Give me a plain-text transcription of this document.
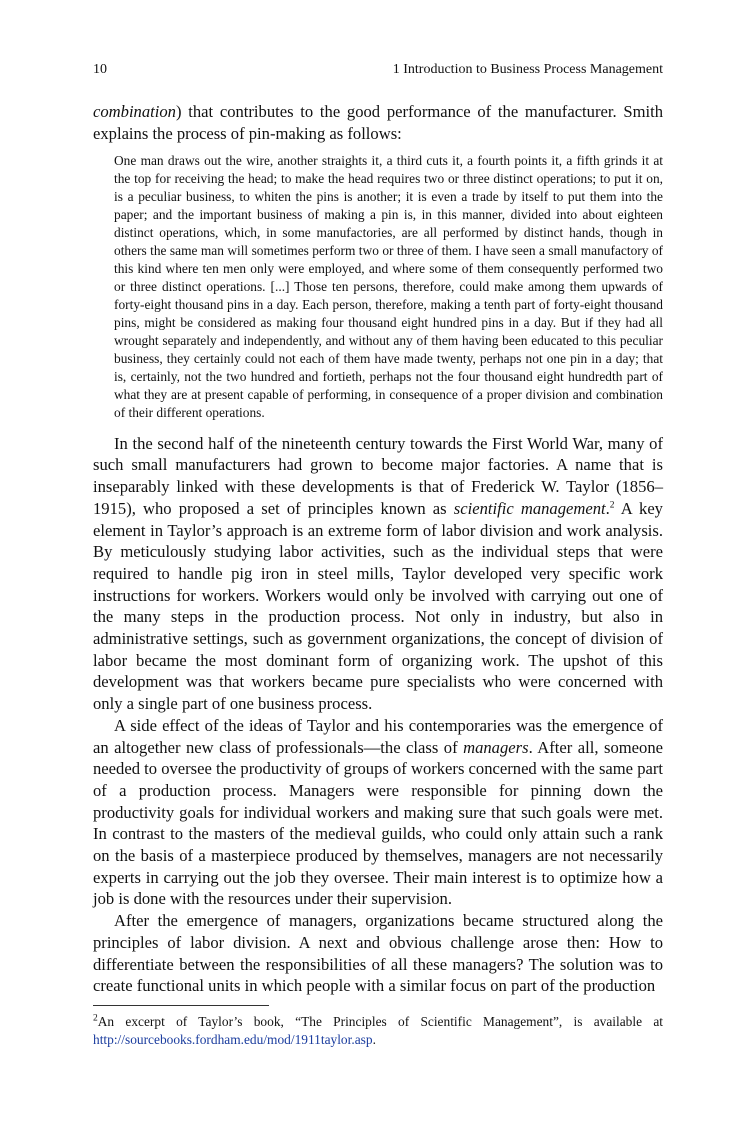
10	1 Introduction to Business Process Management

combination) that contributes to the good performance of the manufacturer. Smith explains the process of pin-making as follows:

One man draws out the wire, another straights it, a third cuts it, a fourth points it, a fifth grinds it at the top for receiving the head; to make the head requires two or three distinct operations; to put it on, is a peculiar business, to whiten the pins is another; it is even a trade by itself to put them into the paper; and the important business of making a pin is, in this manner, divided into about eighteen distinct operations, which, in some manufactories, are all performed by distinct hands, though in others the same man will sometimes perform two or three of them. I have seen a small manufactory of this kind where ten men only were employed, and where some of them consequently performed two or three distinct operations. [...] Those ten persons, therefore, could make among them upwards of forty-eight thousand pins in a day. Each person, therefore, making a tenth part of forty-eight thousand pins, might be considered as making four thousand eight hundred pins in a day. But if they had all wrought separately and independently, and without any of them having been educated to this peculiar business, they certainly could not each of them have made twenty, perhaps not one pin in a day; that is, certainly, not the two hundred and fortieth, perhaps not the four thousand eight hundredth part of what they are at present capable of performing, in consequence of a proper division and combination of their different operations.

In the second half of the nineteenth century towards the First World War, many of such small manufacturers had grown to become major factories. A name that is inseparably linked with these developments is that of Frederick W. Taylor (1856–1915), who proposed a set of principles known as scientific management.$^2$ A key element in Taylor’s approach is an extreme form of labor division and work analysis. By meticulously studying labor activities, such as the individual steps that were required to handle pig iron in steel mills, Taylor developed very specific work instructions for workers. Workers would only be involved with carrying out one of the many steps in the production process. Not only in industry, but also in administrative settings, such as government organizations, the concept of division of labor became the most dominant form of organizing work. The upshot of this development was that workers became pure specialists who were concerned with only a single part of one business process.

A side effect of the ideas of Taylor and his contemporaries was the emergence of an altogether new class of professionals—the class of managers. After all, someone needed to oversee the productivity of groups of workers concerned with the same part of a production process. Managers were responsible for pinning down the productivity goals for individual workers and making sure that such goals were met. In contrast to the masters of the medieval guilds, who could only attain such a rank on the basis of a masterpiece produced by themselves, managers are not necessarily experts in carrying out the job they oversee. Their main interest is to optimize how a job is done with the resources under their supervision.

After the emergence of managers, organizations became structured along the principles of labor division. A next and obvious challenge arose then: How to differentiate between the responsibilities of all these managers? The solution was to create functional units in which people with a similar focus on part of the production

$^2$An excerpt of Taylor’s book, “The Principles of Scientific Management”, is available at http://sourcebooks.fordham.edu/mod/1911taylor.asp.
